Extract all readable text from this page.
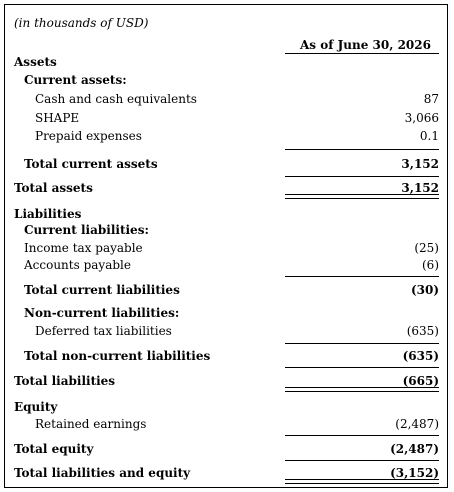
(in thousands of USD)
As of June 30, 2026
Assets
Current assets:
Cash and cash equivalents	87
SHAPE	3,066
Prepaid expenses	0.1
Total current assets	3,152
Total assets	3,152
Liabilities
Current liabilities:
Income tax payable	(25)
Accounts payable	(6)
Total current liabilities	(30)
Non-current liabilities:
Deferred tax liabilities	(635)
Total non-current liabilities	(635)
Total liabilities	(665)
Equity
Retained earnings	(2,487)
Total equity	(2,487)
Total liabilities and equity	(3,152)
